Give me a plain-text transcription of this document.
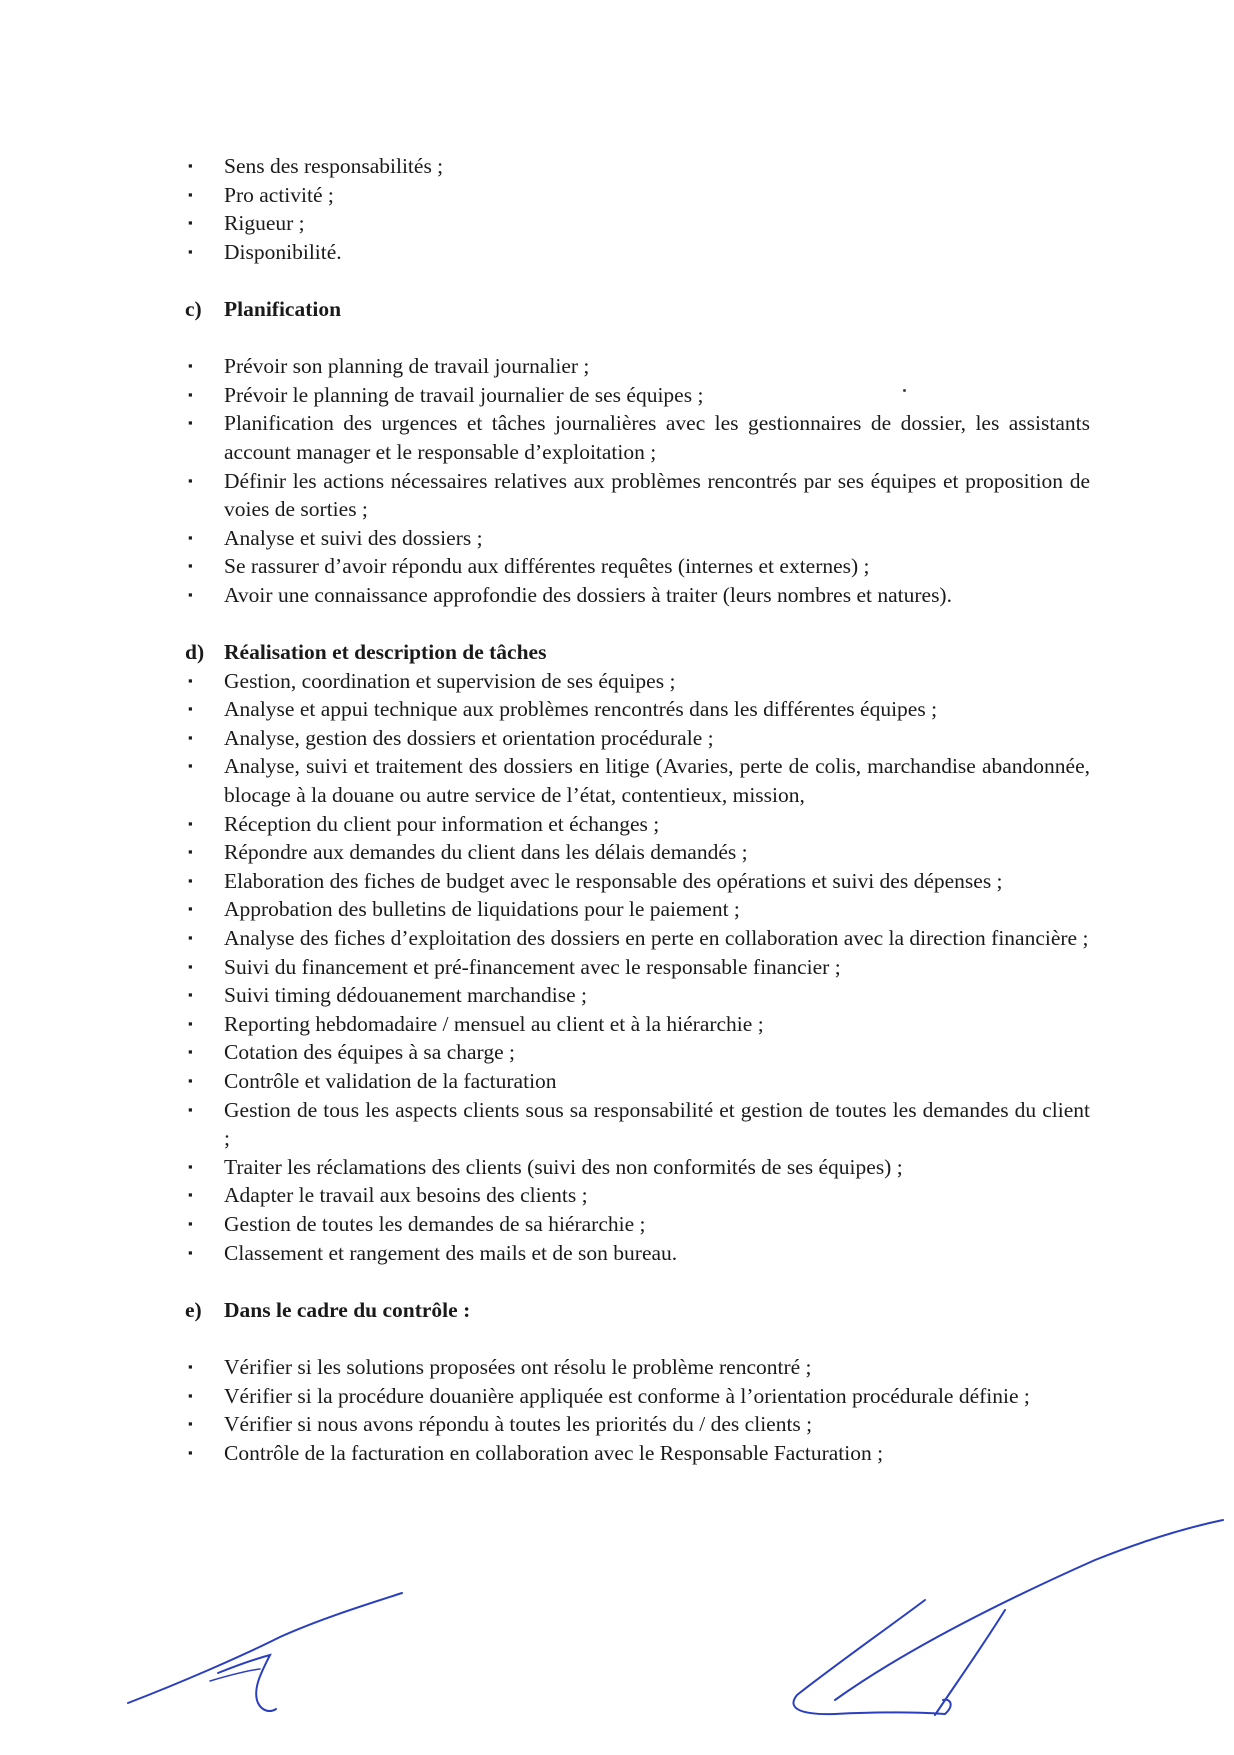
▪ Sens des responsabilités ;
▪ Pro activité ;
▪ Rigueur ;
▪ Disponibilité.
c)	Planification
▪ Prévoir son planning de travail journalier ;
▪ Prévoir le planning de travail journalier de ses équipes ;
▪ Planification des urgences et tâches journalières avec les gestionnaires de dossier, les assistants account manager et le responsable d’exploitation ;
▪ Définir les actions nécessaires relatives aux problèmes rencontrés par ses équipes et proposition de voies de sorties ;
▪ Analyse et suivi des dossiers ;
▪ Se rassurer d’avoir répondu aux différentes requêtes (internes et externes) ;
▪ Avoir une connaissance approfondie des dossiers à traiter (leurs nombres et natures).
d) Réalisation et description de tâches
▪ Gestion, coordination et supervision de ses équipes ;
▪ Analyse et appui technique aux problèmes rencontrés dans les différentes équipes ;
▪ Analyse, gestion des dossiers et orientation procédurale ;
▪ Analyse, suivi et traitement des dossiers en litige (Avaries, perte de colis, marchandise abandonnée, blocage à la douane ou autre service de l’état, contentieux, mission,
▪ Réception du client pour information et échanges ;
▪ Répondre aux demandes du client dans les délais demandés ;
▪ Elaboration des fiches de budget avec le responsable des opérations et suivi des dépenses ;
▪ Approbation des bulletins de liquidations pour le paiement ;
▪ Analyse des fiches d’exploitation des dossiers en perte en collaboration avec la direction financière ;
▪ Suivi du financement et pré-financement avec le responsable financier ;
▪ Suivi timing dédouanement marchandise ;
▪ Reporting hebdomadaire / mensuel au client et à la hiérarchie ;
▪ Cotation des équipes à sa charge ;
▪ Contrôle et validation de la facturation
▪ Gestion de tous les aspects clients sous sa responsabilité et gestion de toutes les demandes du client ;
▪ Traiter les réclamations des clients (suivi des non conformités de ses équipes) ;
▪ Adapter le travail aux besoins des clients ;
▪ Gestion de toutes les demandes de sa hiérarchie ;
▪ Classement et rangement des mails et de son bureau.
e)	Dans le cadre du contrôle :
▪ Vérifier si les solutions proposées ont résolu le problème rencontré ;
▪ Vérifier si la procédure douanière appliquée est conforme à l’orientation procédurale définie ;
▪ Vérifier si nous avons répondu à toutes les priorités du / des clients ;
▪ Contrôle de la facturation en collaboration avec le Responsable Facturation ;
